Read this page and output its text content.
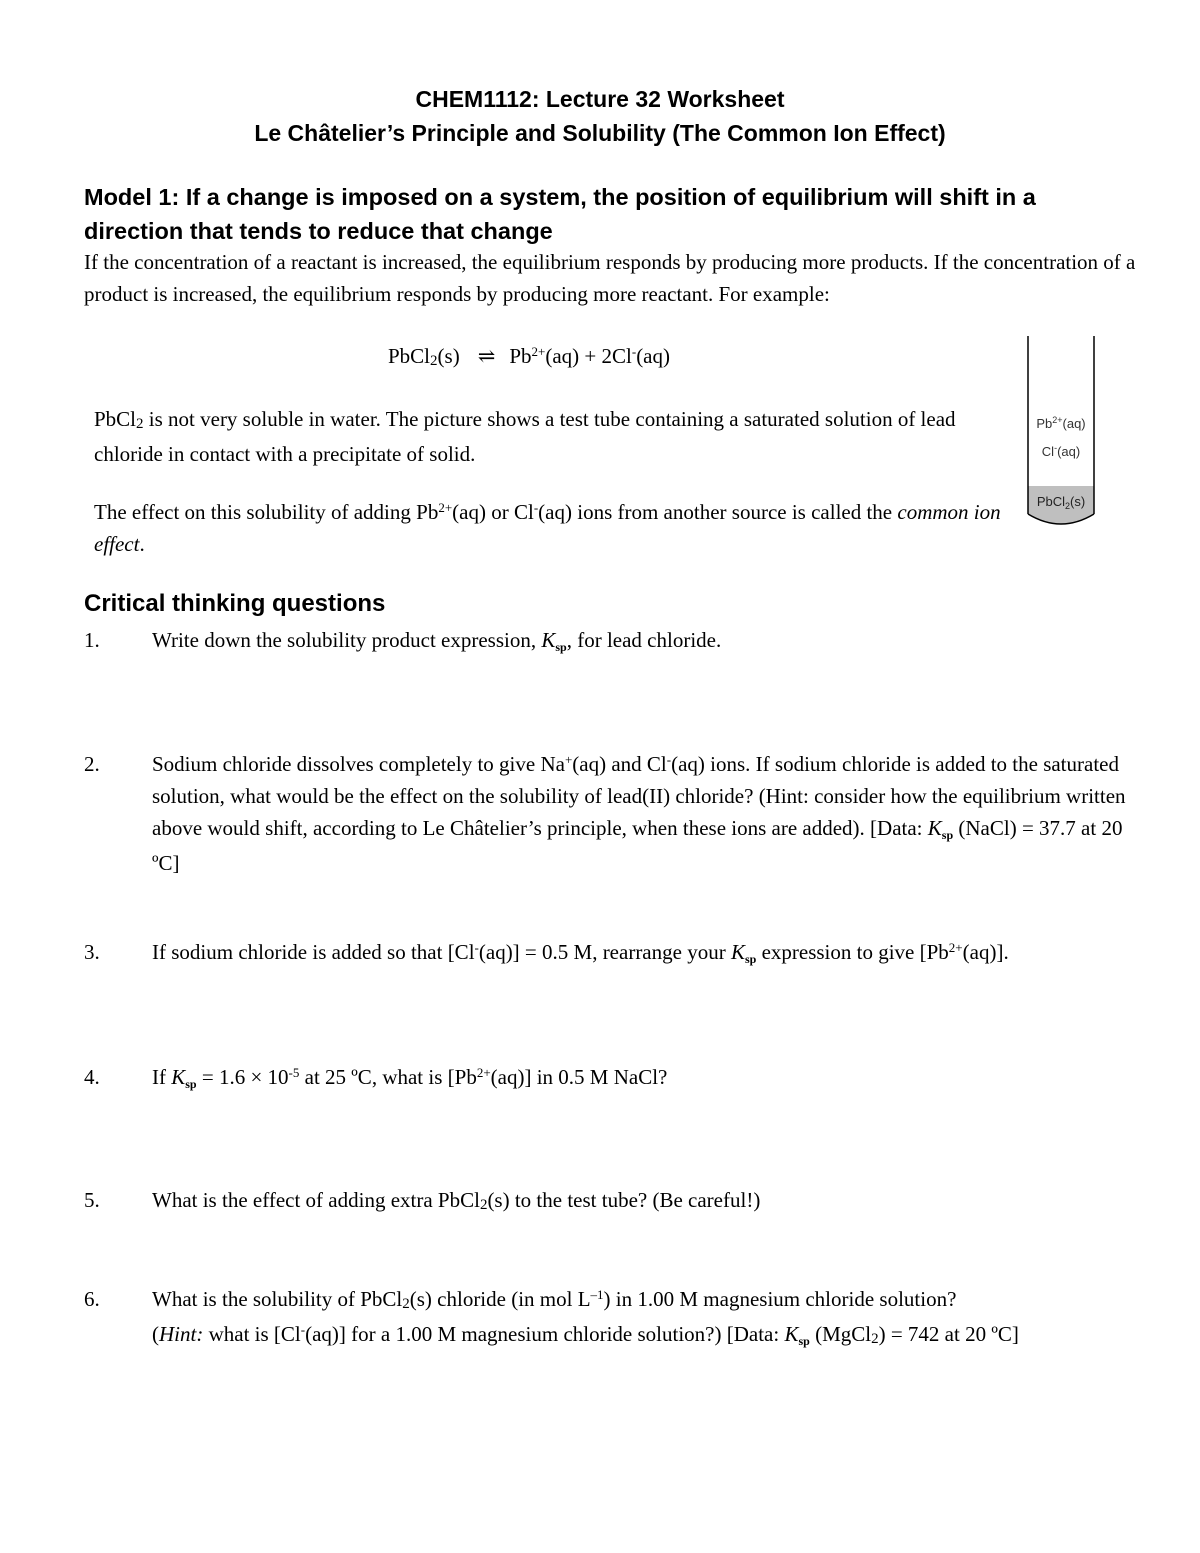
CHEM1112: Lecture 32 Worksheet
Le Châtelier’s Principle and Solubility (The Common Ion Effect)
Model 1: If a change is imposed on a system, the position of equilibrium will shift in a direction that tends to reduce that change
If the concentration of a reactant is increased, the equilibrium responds by producing more products. If the concentration of a product is increased, the equilibrium responds by producing more reactant. For example:
PbCl$_2$(s) ⇌ $Pb^{2+}(aq) + 2Cl^-(aq)$
PbCl$_2$ is not very soluble in water. The picture shows a test tube containing a saturated solution of lead chloride in contact with a precipitate of solid.
The effect on this solubility of adding $Pb^{2+}(aq)$ or Cl-(aq) ions from another source is called the common ion effect.
$Pb^{2+}(aq)$
Cl-(aq)
PbCl$_2$(s)
Critical thinking questions
1. Write down the solubility product expression, Ksp, for lead chloride.
2. Sodium chloride dissolves completely to give Na+(aq) and Cl-(aq) ions. If sodium chloride is added to the saturated solution, what would be the effect on the solubility of lead(II) chloride? (Hint: consider how the equilibrium written above would shift, according to Le Châtelier’s principle, when these ions are added). [Data: Ksp (NaCl) = 37.7 at 20 ºC]
3. If sodium chloride is added so that [Cl-(aq)] = 0.5 M, rearrange your Ksp expression to give $[Pb^{2+}(aq)]$.
4. If Ksp = $1.6 \times 10^{-5}$ at 25 ºC, what is $[Pb^{2+}(aq)]$ in 0.5 M NaCl?
5. What is the effect of adding extra PbCl$_2$(s) to the test tube? (Be careful!)
6. What is the solubility of PbCl$_2$(s) chloride (in mol $L^{-1}$) in 1.00 M magnesium chloride solution?
(Hint: what is [Cl-(aq)] for a 1.00 M magnesium chloride solution?) [Data: Ksp (MgCl$_2$) = 742 at 20 ºC]
